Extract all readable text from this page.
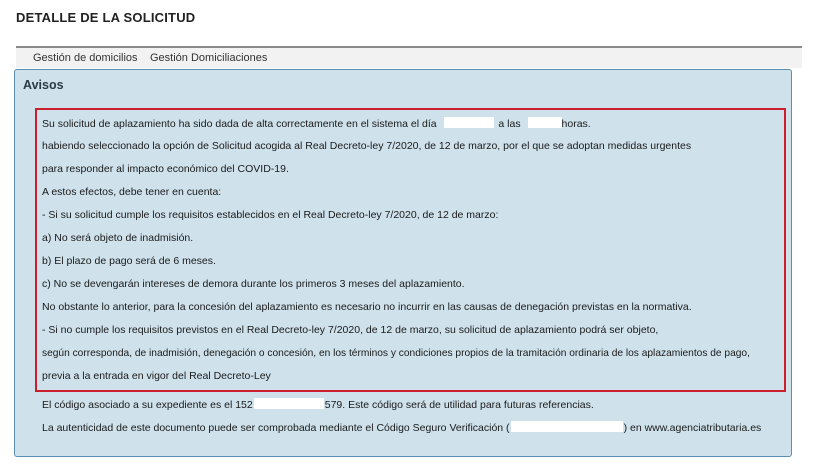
DETALLE DE LA SOLICITUD
Gestión de domicilios Gestión Domiciliaciones
Avisos
Su solicitud de aplazamiento ha sido dada de alta correctamente en el sistema el día	a las	horas.
habiendo seleccionado la opción de Solicitud acogida al Real Decreto-ley 7/2020, de 12 de marzo, por el que se adoptan medidas urgentes
para responder al impacto económico del COVID-19.
A estos efectos, debe tener en cuenta:
- Si su solicitud cumple los requisitos establecidos en el Real Decreto-ley 7/2020, de 12 de marzo:
a) No será objeto de inadmisión.
b) El plazo de pago será de 6 meses.
c) No se devengarán intereses de demora durante los primeros 3 meses del aplazamiento.
No obstante lo anterior, para la concesión del aplazamiento es necesario no incurrir en las causas de denegación previstas en la normativa.
- Si no cumple los requisitos previstos en el Real Decreto-ley 7/2020, de 12 de marzo, su solicitud de aplazamiento podrá ser objeto,
según corresponda, de inadmisión, denegación o concesión, en los términos y condiciones propios de la tramitación ordinaria de los aplazamientos de pago,
previa a la entrada en vigor del Real Decreto-Ley
El código asociado a su expediente es el 152	579. Este código será de utilidad para futuras referencias.
La autenticidad de este documento puede ser comprobada mediante el Código Seguro Verificación (	) en www.agenciatributaria.es
